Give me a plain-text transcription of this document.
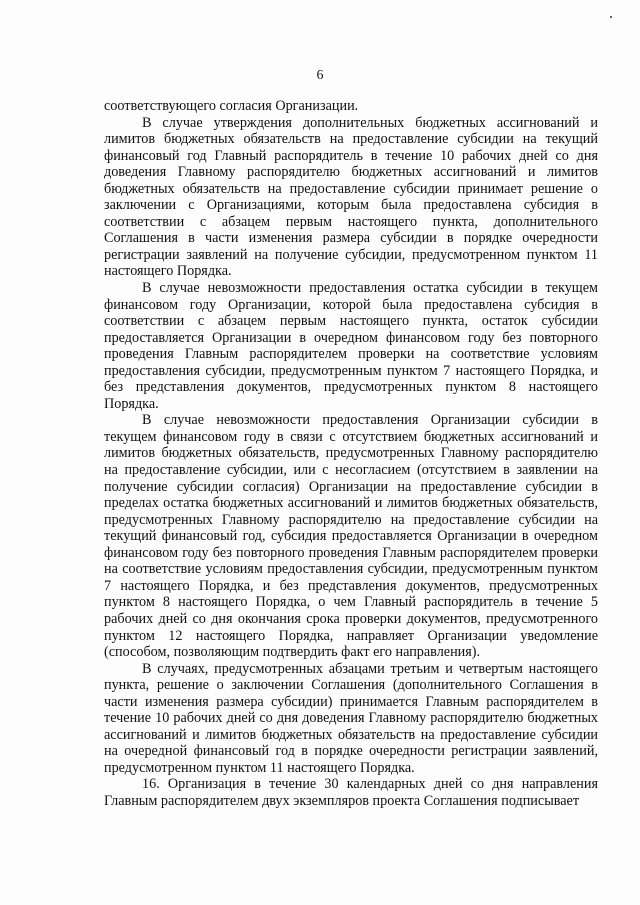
6

соответствующего согласия Организации.

В случае утверждения дополнительных бюджетных ассигнований и лимитов бюджетных обязательств на предоставление субсидии на текущий финансовый год Главный распорядитель в течение 10 рабочих дней со дня доведения Главному распорядителю бюджетных ассигнований и лимитов бюджетных обязательств на предоставление субсидии принимает решение о заключении с Организациями, которым была предоставлена субсидия в соответствии с абзацем первым настоящего пункта, дополнительного Соглашения в части изменения размера субсидии в порядке очередности регистрации заявлений на получение субсидии, предусмотренном пунктом 11 настоящего Порядка.

В случае невозможности предоставления остатка субсидии в текущем финансовом году Организации, которой была предоставлена субсидия в соответствии с абзацем первым настоящего пункта, остаток субсидии предоставляется Организации в очередном финансовом году без повторного проведения Главным распорядителем проверки на соответствие условиям предоставления субсидии, предусмотренным пунктом 7 настоящего Порядка, и без представления документов, предусмотренных пунктом 8 настоящего Порядка.

В случае невозможности предоставления Организации субсидии в текущем финансовом году в связи с отсутствием бюджетных ассигнований и лимитов бюджетных обязательств, предусмотренных Главному распорядителю на предоставление субсидии, или с несогласием (отсутствием в заявлении на получение субсидии согласия) Организации на предоставление субсидии в пределах остатка бюджетных ассигнований и лимитов бюджетных обязательств, предусмотренных Главному распорядителю на предоставление субсидии на текущий финансовый год, субсидия предоставляется Организации в очередном финансовом году без повторного проведения Главным распорядителем проверки на соответствие условиям предоставления субсидии, предусмотренным пунктом 7 настоящего Порядка, и без представления документов, предусмотренных пунктом 8 настоящего Порядка, о чем Главный распорядитель в течение 5 рабочих дней со дня окончания срока проверки документов, предусмотренного пунктом 12 настоящего Порядка, направляет Организации уведомление (способом, позволяющим подтвердить факт его направления).

В случаях, предусмотренных абзацами третьим и четвертым настоящего пункта, решение о заключении Соглашения (дополнительного Соглашения в части изменения размера субсидии) принимается Главным распорядителем в течение 10 рабочих дней со дня доведения Главному распорядителю бюджетных ассигнований и лимитов бюджетных обязательств на предоставление субсидии на очередной финансовый год в порядке очередности регистрации заявлений, предусмотренном пунктом 11 настоящего Порядка.

16. Организация в течение 30 календарных дней со дня направления Главным распорядителем двух экземпляров проекта Соглашения подписывает
